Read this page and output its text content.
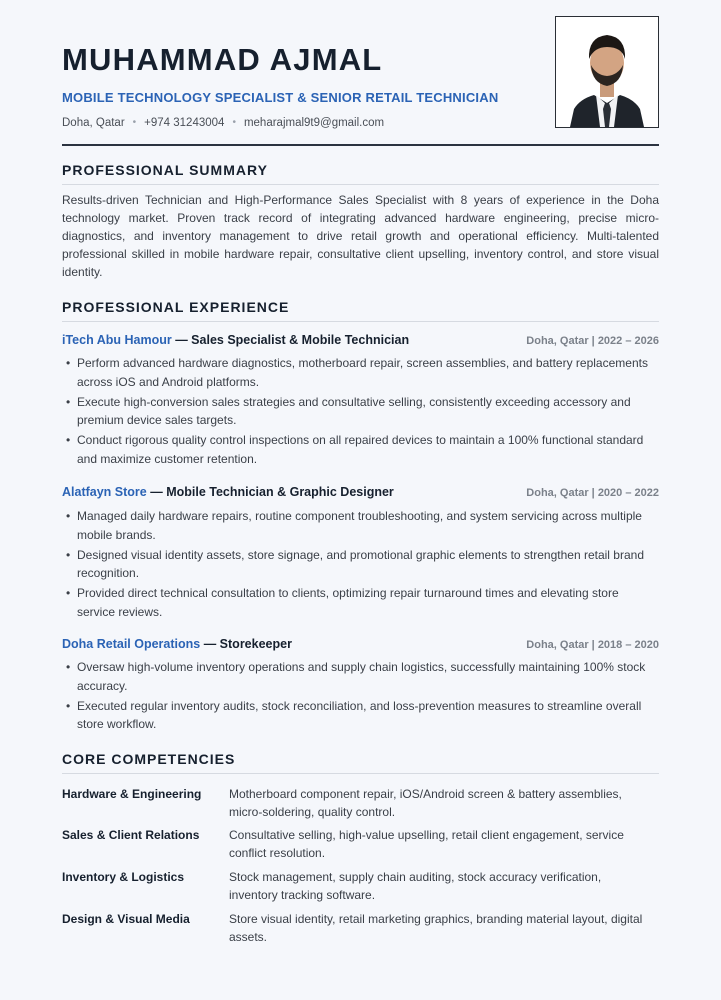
MUHAMMAD AJMAL
MOBILE TECHNOLOGY SPECIALIST & SENIOR RETAIL TECHNICIAN
Doha, Qatar • +974 31243004 • meharajmal9t9@gmail.com
PROFESSIONAL SUMMARY

Results-driven Technician and High-Performance Sales Specialist with 8 years of experience in the Doha technology market. Proven track record of integrating advanced hardware engineering, precise micro-diagnostics, and inventory management to drive retail growth and operational efficiency. Multi-talented professional skilled in mobile hardware repair, consultative client upselling, inventory control, and store visual identity.

PROFESSIONAL EXPERIENCE
iTech Abu Hamour — Sales Specialist & Mobile Technician	Doha, Qatar | 2022 – 2026
• Perform advanced hardware diagnostics, motherboard repair, screen assemblies, and battery replacements across iOS and Android platforms.
• Execute high-conversion sales strategies and consultative selling, consistently exceeding accessory and premium device sales targets.
• Conduct rigorous quality control inspections on all repaired devices to maintain a 100% functional standard and maximize customer retention.
Alatfayn Store — Mobile Technician & Graphic Designer	Doha, Qatar | 2020 – 2022
• Managed daily hardware repairs, routine component troubleshooting, and system servicing across multiple mobile brands.
• Designed visual identity assets, store signage, and promotional graphic elements to strengthen retail brand recognition.
• Provided direct technical consultation to clients, optimizing repair turnaround times and elevating store service reviews.
Doha Retail Operations — Storekeeper	Doha, Qatar | 2018 – 2020
• Oversaw high-volume inventory operations and supply chain logistics, successfully maintaining 100% stock accuracy.
• Executed regular inventory audits, stock reconciliation, and loss-prevention measures to streamline overall store workflow.
CORE COMPETENCIES
Hardware & Engineering	Motherboard component repair, iOS/Android screen & battery assemblies, micro-soldering, quality control.
Sales & Client Relations	Consultative selling, high-value upselling, retail client engagement, service conflict resolution.
Inventory & Logistics	Stock management, supply chain auditing, stock accuracy verification, inventory tracking software.
Design & Visual Media	Store visual identity, retail marketing graphics, branding material layout, digital assets.
